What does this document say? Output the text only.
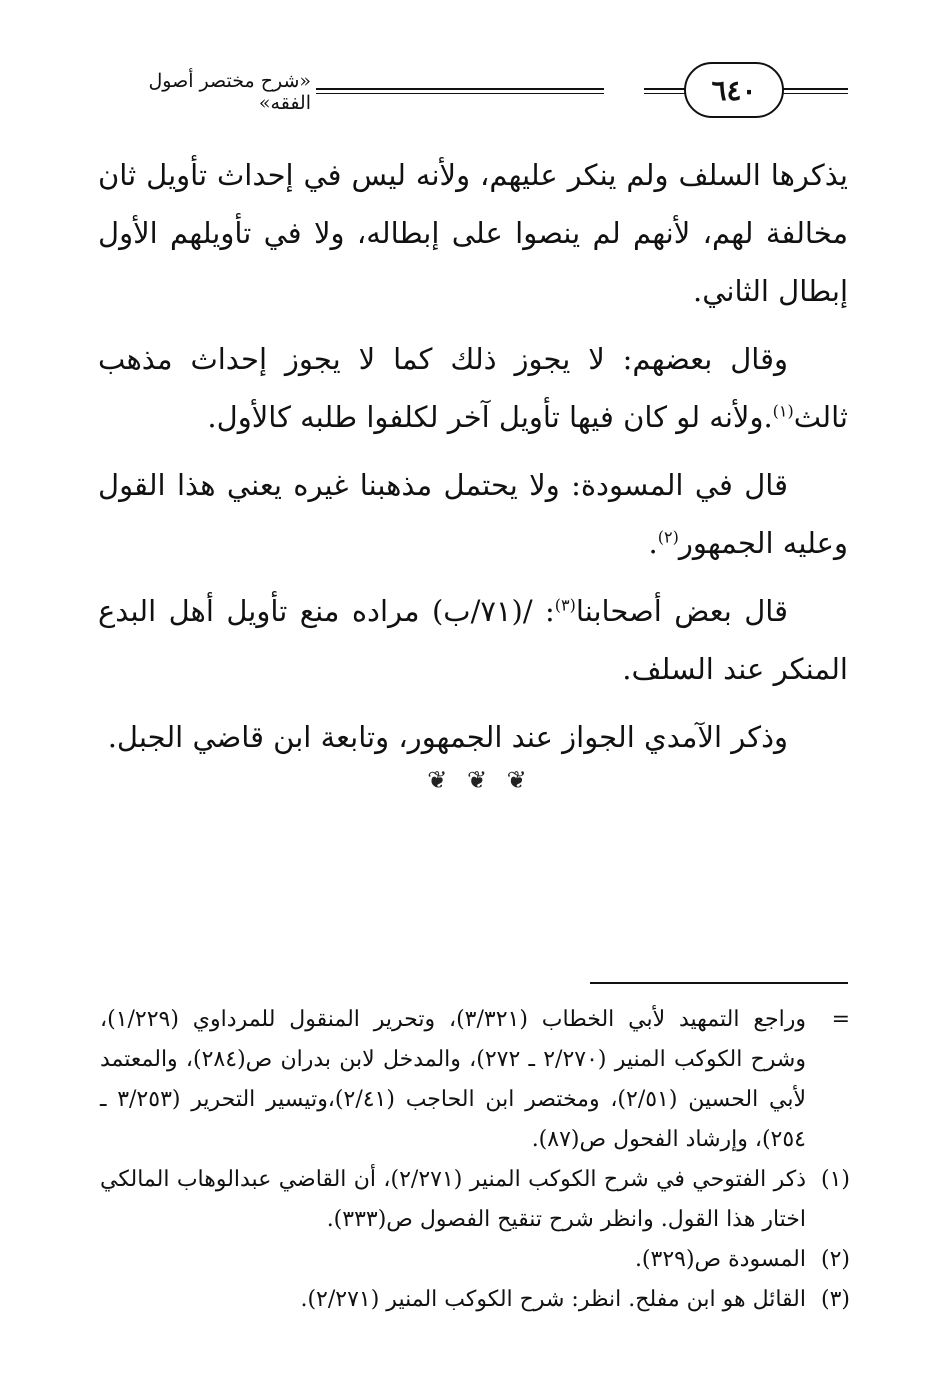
٦٤٠
«شرح مختصر أصول الفقه»

يذكرها السلف ولم ينكر عليهم، ولأنه ليس في إحداث تأويل ثان مخالفة لهم، لأنهم لم ينصوا على إبطاله، ولا في تأويلهم الأول إبطال الثاني.

وقال بعضهم: لا يجوز ذلك كما لا يجوز إحداث مذهب ثالث$^{(١)}$.ولأنه لو كان فيها تأويل آخر لكلفوا طلبه كالأول.

قال في المسودة: ولا يحتمل مذهبنا غيره يعني هذا القول وعليه الجمهور$^{(٢)}$.

قال بعض أصحابنا$^{(٣)}$: /(٧١/ب) مراده منع تأويل أهل البدع المنكر عند السلف.

وذكر الآمدي الجواز عند الجمهور، وتابعة ابن قاضي الجبل.

❦ ❦ ❦
=
وراجع التمهيد لأبي الخطاب (٣/٣٢١)، وتحرير المنقول للمرداوي (١/٢٢٩)، وشرح الكوكب المنير (٢/٢٧٠ ـ ٢٧٢)، والمدخل لابن بدران ص(٢٨٤)، والمعتمد لأبي الحسين (٢/٥١)، ومختصر ابن الحاجب (٢/٤١)،وتيسير التحرير (٣/٢٥٣ ـ ٢٥٤)، وإرشاد الفحول ص(٨٧).
(١)
ذكر الفتوحي في شرح الكوكب المنير (٢/٢٧١)، أن القاضي عبدالوهاب المالكي اختار هذا القول. وانظر شرح تنقيح الفصول ص(٣٣٣).
(٢)
المسودة ص(٣٢٩).
(٣)
القائل هو ابن مفلح. انظر: شرح الكوكب المنير (٢/٢٧١).
